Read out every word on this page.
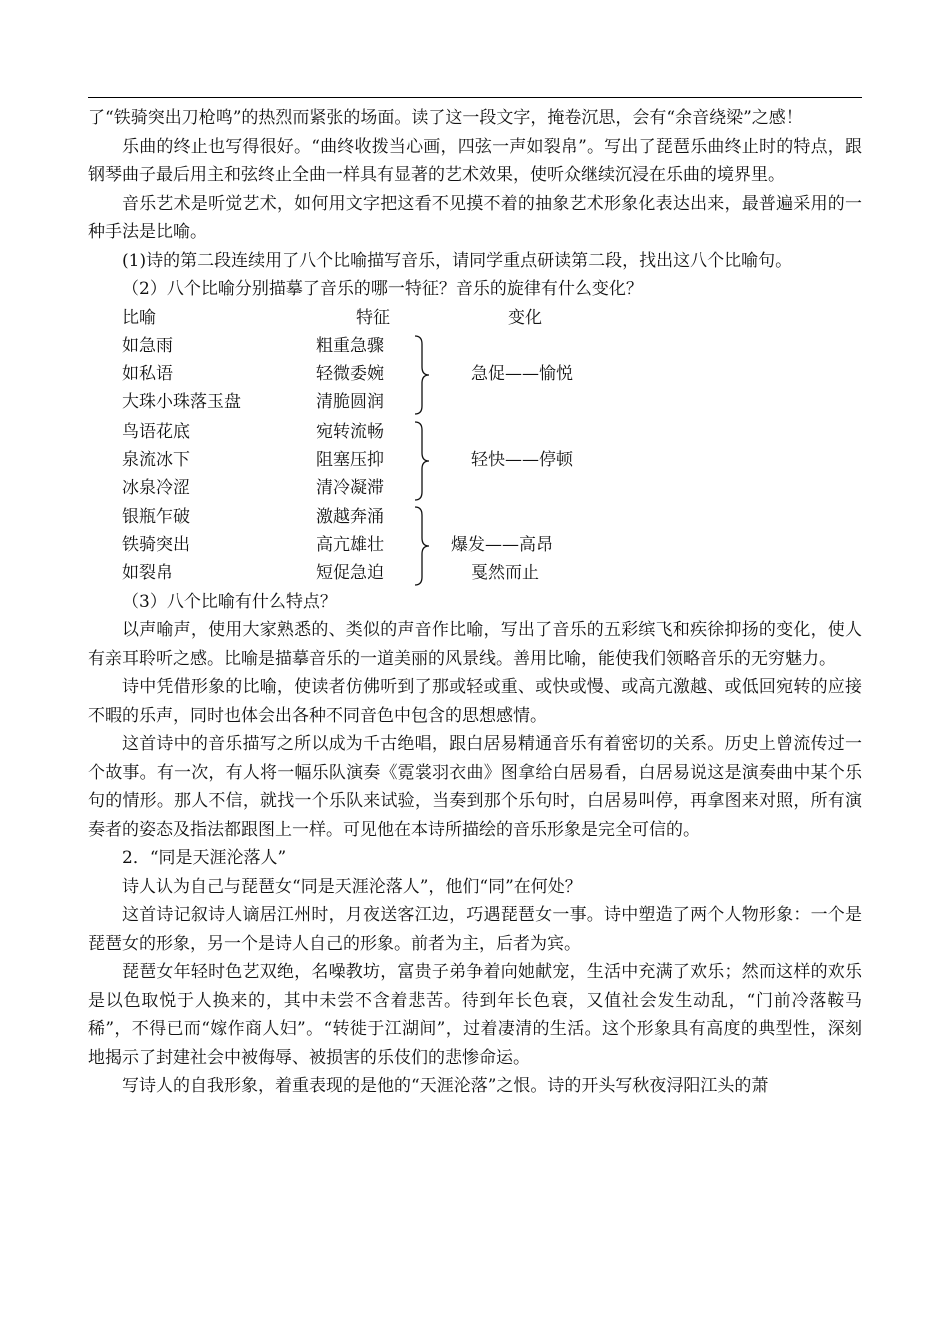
了“铁骑突出刀枪鸣”的热烈而紧张的场面。读了这一段文字，掩卷沉思，会有“余音绕梁”之感！

乐曲的终止也写得很好。“曲终收拨当心画，四弦一声如裂帛”。写出了琵琶乐曲终止时的特点，跟钢琴曲子最后用主和弦终止全曲一样具有显著的艺术效果，使听众继续沉浸在乐曲的境界里。

音乐艺术是听觉艺术，如何用文字把这看不见摸不着的抽象艺术形象化表达出来，最普遍采用的一种手法是比喻。

(1)诗的第二段连续用了八个比喻描写音乐，请同学重点研读第二段，找出这八个比喻句。

（2）八个比喻分别描摹了音乐的哪一特征？音乐的旋律有什么变化？

比喻	特征	变化
如急雨	粗重急骤
如私语	轻微委婉
大珠小珠落玉盘	清脆圆润
急促——愉悦
鸟语花底	宛转流畅
泉流冰下	阻塞压抑
冰泉冷涩	清冷凝滞
轻快——停顿
银瓶乍破	激越奔涌
铁骑突出	高亢雄壮
如裂帛	短促急迫
爆发——高昂
戛然而止

（3）八个比喻有什么特点？

以声喻声，使用大家熟悉的、类似的声音作比喻，写出了音乐的五彩缤飞和疾徐抑扬的变化，使人有亲耳聆听之感。比喻是描摹音乐的一道美丽的风景线。善用比喻，能使我们领略音乐的无穷魅力。

诗中凭借形象的比喻，使读者仿佛听到了那或轻或重、或快或慢、或高亢激越、或低回宛转的应接不暇的乐声，同时也体会出各种不同音色中包含的思想感情。

这首诗中的音乐描写之所以成为千古绝唱，跟白居易精通音乐有着密切的关系。历史上曾流传过一个故事。有一次，有人将一幅乐队演奏《霓裳羽衣曲》图拿给白居易看，白居易说这是演奏曲中某个乐句的情形。那人不信，就找一个乐队来试验，当奏到那个乐句时，白居易叫停，再拿图来对照，所有演奏者的姿态及指法都跟图上一样。可见他在本诗所描绘的音乐形象是完全可信的。

2．“同是天涯沦落人”

诗人认为自己与琵琶女“同是天涯沦落人”，他们“同”在何处？

这首诗记叙诗人谪居江州时，月夜送客江边，巧遇琵琶女一事。诗中塑造了两个人物形象：一个是琵琶女的形象，另一个是诗人自己的形象。前者为主，后者为宾。

琵琶女年轻时色艺双绝，名噪教坊，富贵子弟争着向她献宠，生活中充满了欢乐；然而这样的欢乐是以色取悦于人换来的，其中未尝不含着悲苦。待到年长色衰，又值社会发生动乱，“门前冷落鞍马稀”，不得已而“嫁作商人妇”。“转徙于江湖间”，过着凄清的生活。这个形象具有高度的典型性，深刻地揭示了封建社会中被侮辱、被损害的乐伎们的悲惨命运。

写诗人的自我形象，着重表现的是他的“天涯沦落”之恨。诗的开头写秋夜浔阳江头的萧
